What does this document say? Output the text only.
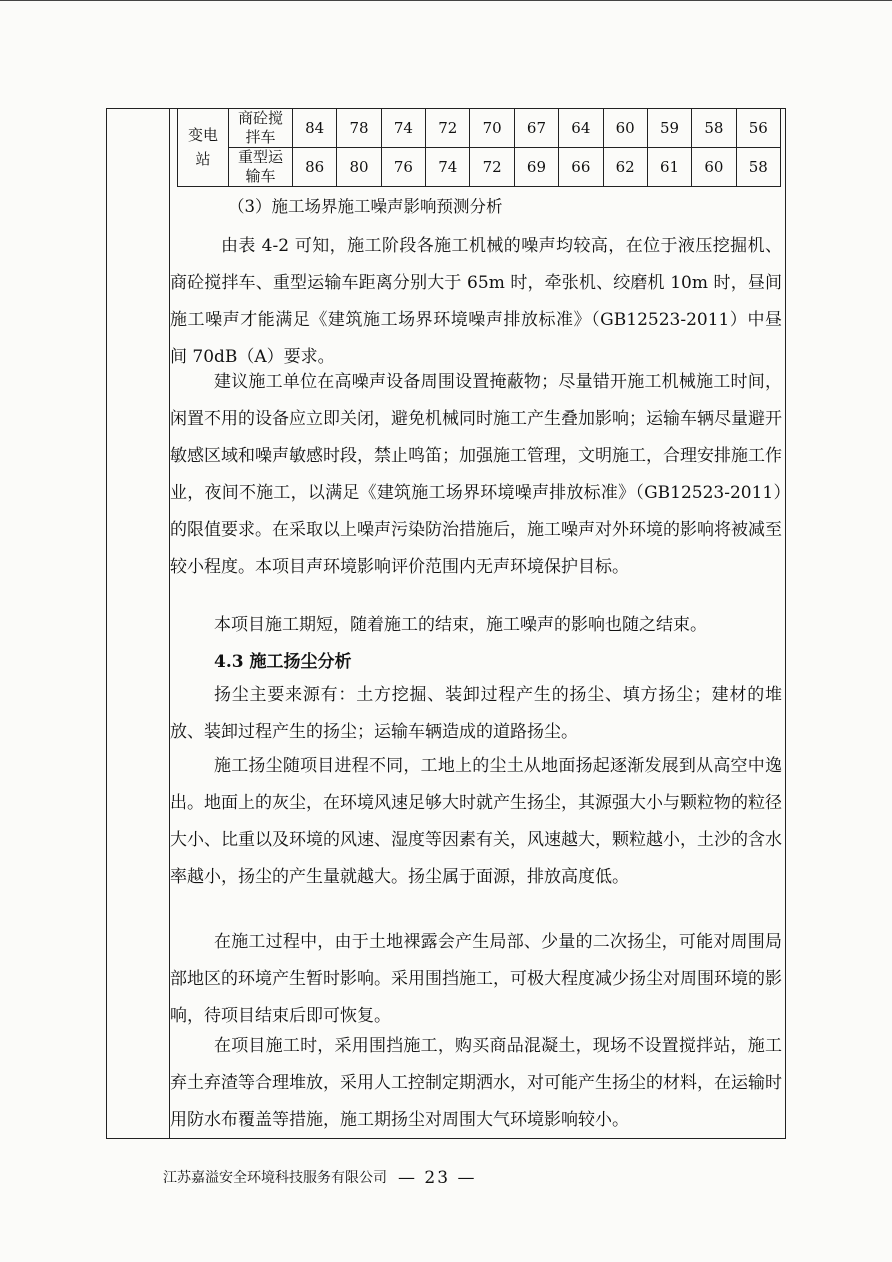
变电站	商砼搅拌车	84	78	74	72	70	67	64	60	59	58	56
	重型运输车	86	80	76	74	72	69	66	62	61	60	58

（3）施工场界施工噪声影响预测分析

由表 4-2 可知，施工阶段各施工机械的噪声均较高，在位于液压挖掘机、商砼搅拌车、重型运输车距离分别大于 65m 时，牵张机、绞磨机 10m 时，昼间施工噪声才能满足《建筑施工场界环境噪声排放标准》（GB12523-2011）中昼间 70dB（A）要求。

建议施工单位在高噪声设备周围设置掩蔽物；尽量错开施工机械施工时间，闲置不用的设备应立即关闭，避免机械同时施工产生叠加影响；运输车辆尽量避开敏感区域和噪声敏感时段，禁止鸣笛；加强施工管理，文明施工，合理安排施工作业，夜间不施工，以满足《建筑施工场界环境噪声排放标准》（GB12523-2011）的限值要求。在采取以上噪声污染防治措施后，施工噪声对外环境的影响将被减至较小程度。本项目声环境影响评价范围内无声环境保护目标。

本项目施工期短，随着施工的结束，施工噪声的影响也随之结束。

4.3 施工扬尘分析

扬尘主要来源有：土方挖掘、装卸过程产生的扬尘、填方扬尘；建材的堆放、装卸过程产生的扬尘；运输车辆造成的道路扬尘。

施工扬尘随项目进程不同，工地上的尘土从地面扬起逐渐发展到从高空中逸出。地面上的灰尘，在环境风速足够大时就产生扬尘，其源强大小与颗粒物的粒径大小、比重以及环境的风速、湿度等因素有关，风速越大，颗粒越小，土沙的含水率越小，扬尘的产生量就越大。扬尘属于面源，排放高度低。

在施工过程中，由于土地裸露会产生局部、少量的二次扬尘，可能对周围局部地区的环境产生暂时影响。采用围挡施工，可极大程度减少扬尘对周围环境的影响，待项目结束后即可恢复。

在项目施工时，采用围挡施工，购买商品混凝土，现场不设置搅拌站，施工弃土弃渣等合理堆放，采用人工控制定期洒水，对可能产生扬尘的材料，在运输时用防水布覆盖等措施，施工期扬尘对周围大气环境影响较小。

江苏嘉溢安全环境科技服务有限公司 — 23 —
